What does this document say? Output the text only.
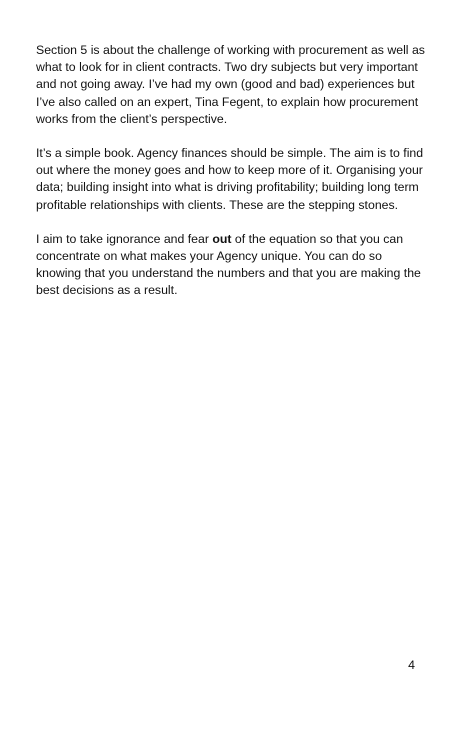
Section 5 is about the challenge of working with procurement as well as what to look for in client contracts. Two dry subjects but very important and not going away. I’ve had my own (good and bad) experiences but I’ve also called on an expert, Tina Fegent, to explain how procurement works from the client’s perspective.

It’s a simple book. Agency finances should be simple. The aim is to find out where the money goes and how to keep more of it. Organising your data; building insight into what is driving profitability; building long term profitable relationships with clients. These are the stepping stones.

I aim to take ignorance and fear out of the equation so that you can concentrate on what makes your Agency unique. You can do so knowing that you understand the numbers and that you are making the best decisions as a result.

4
